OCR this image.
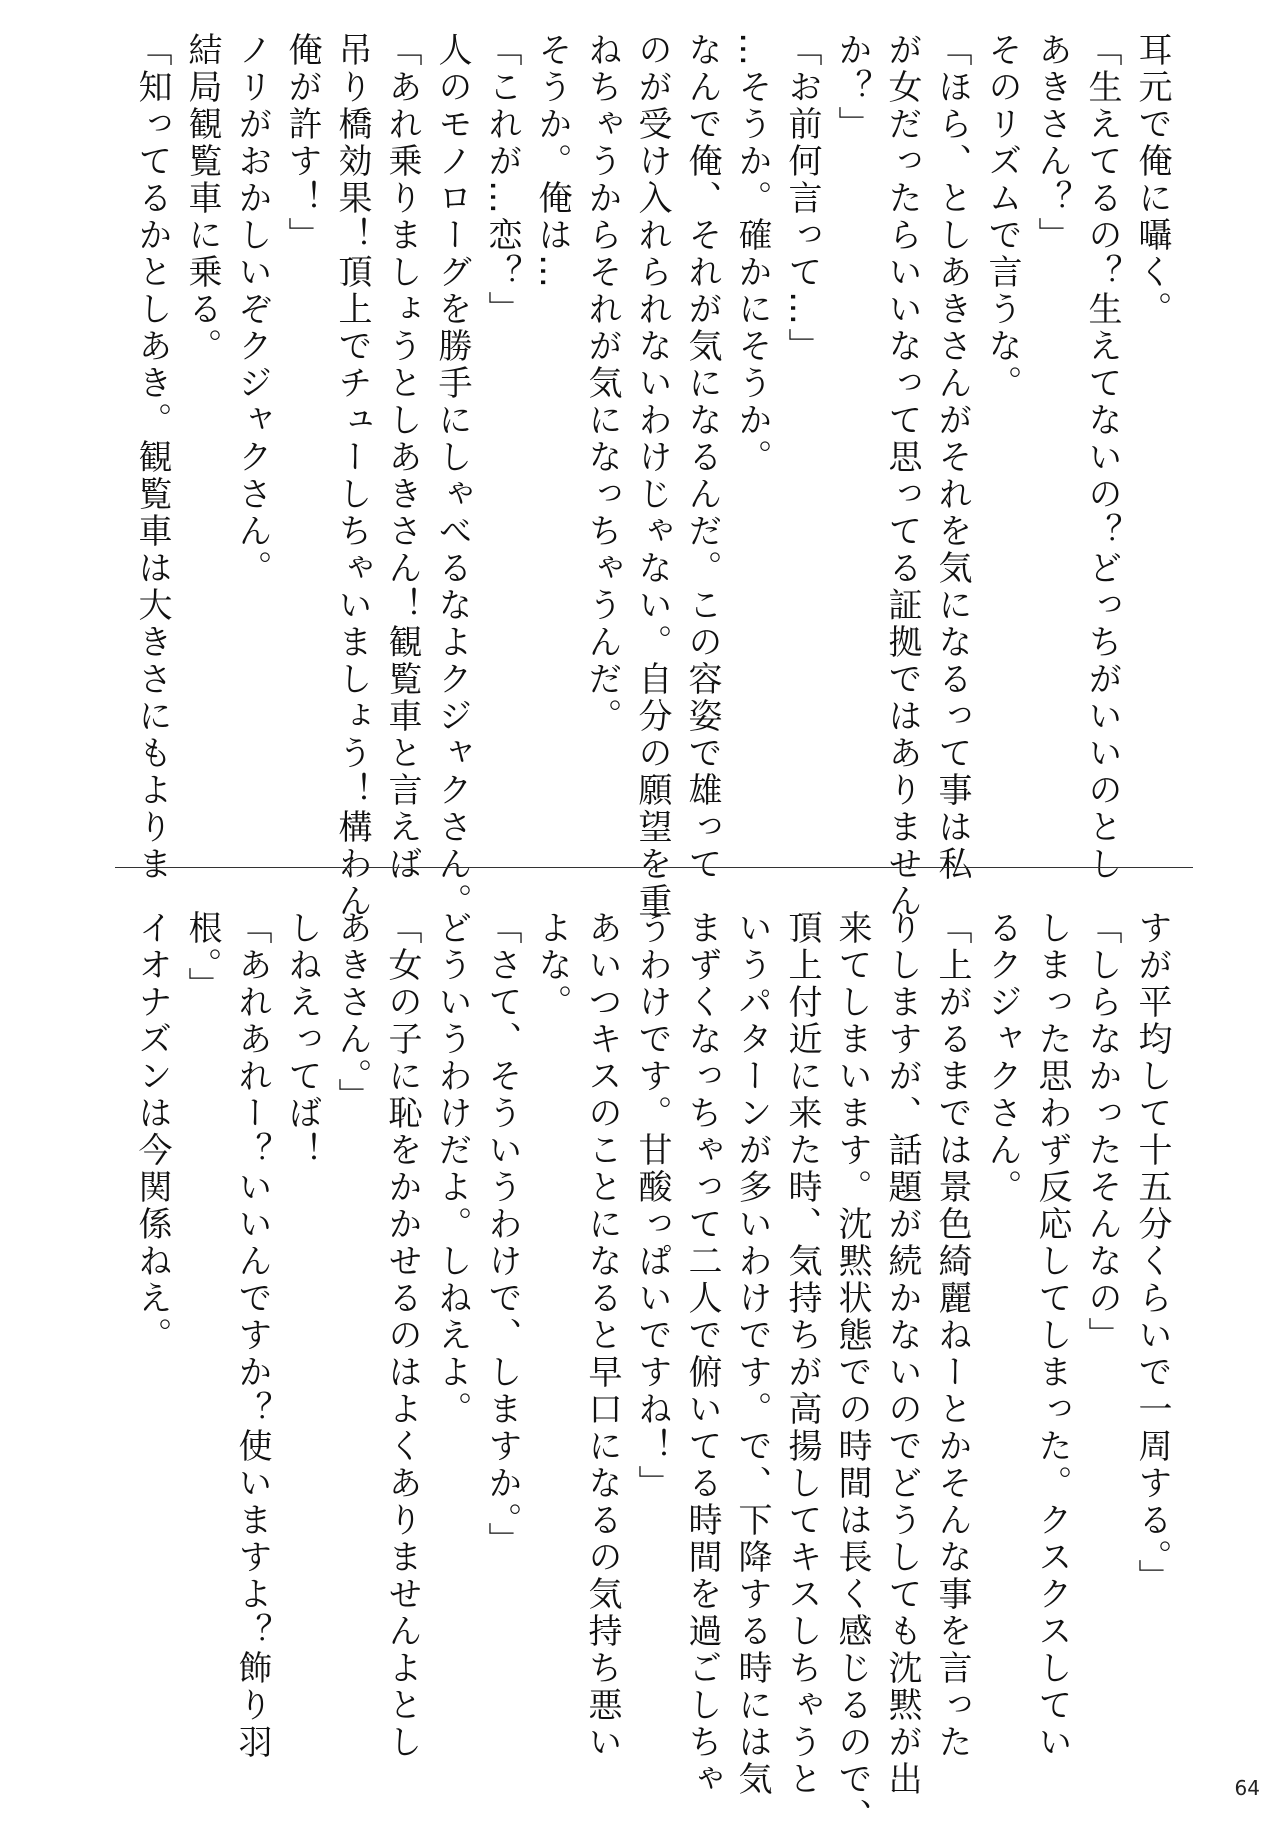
耳元で俺に囁く。
「生えてるの？生えてないの？どっちがいいのとし
あきさん？」
そのリズムで言うな。
「ほら、としあきさんがそれを気になるって事は私
が女だったらいいなって思ってる証拠ではありません
か？」
「お前何言って…」
…そうか。確かにそうか。
なんで俺、それが気になるんだ。この容姿で雄って
のが受け入れられないわけじゃない。自分の願望を重
ねちゃうからそれが気になっちゃうんだ。
そうか。俺は…
「これが…恋？」
人のモノローグを勝手にしゃべるなよクジャクさん。
「あれ乗りましょうとしあきさん！観覧車と言えば
吊り橋効果！頂上でチューしちゃいましょう！構わん
俺が許す！」
ノリがおかしいぞクジャクさん。
結局観覧車に乗る。
「知ってるかとしあき。観覧車は大きさにもよりま
すが平均して十五分くらいで一周する。」
「しらなかったそんなの」
しまった思わず反応してしまった。クスクスしてい
るクジャクさん。
「上がるまでは景色綺麗ねーとかそんな事を言った
りしますが、話題が続かないのでどうしても沈黙が出
来てしまいます。沈黙状態での時間は長く感じるので、
頂上付近に来た時、気持ちが高揚してキスしちゃうと
いうパターンが多いわけです。で、下降する時には気
まずくなっちゃって二人で俯いてる時間を過ごしちゃ
うわけです。甘酸っぱいですね！」
あいつキスのことになると早口になるの気持ち悪い
よな。
「さて、そういうわけで、しますか。」
どういうわけだよ。しねえよ。
「女の子に恥をかかせるのはよくありませんよとし
あきさん。」
しねえってば！
「あれあれー？いいんですか？使いますよ？飾り羽
根。」
イオナズンは今関係ねえ。
64
